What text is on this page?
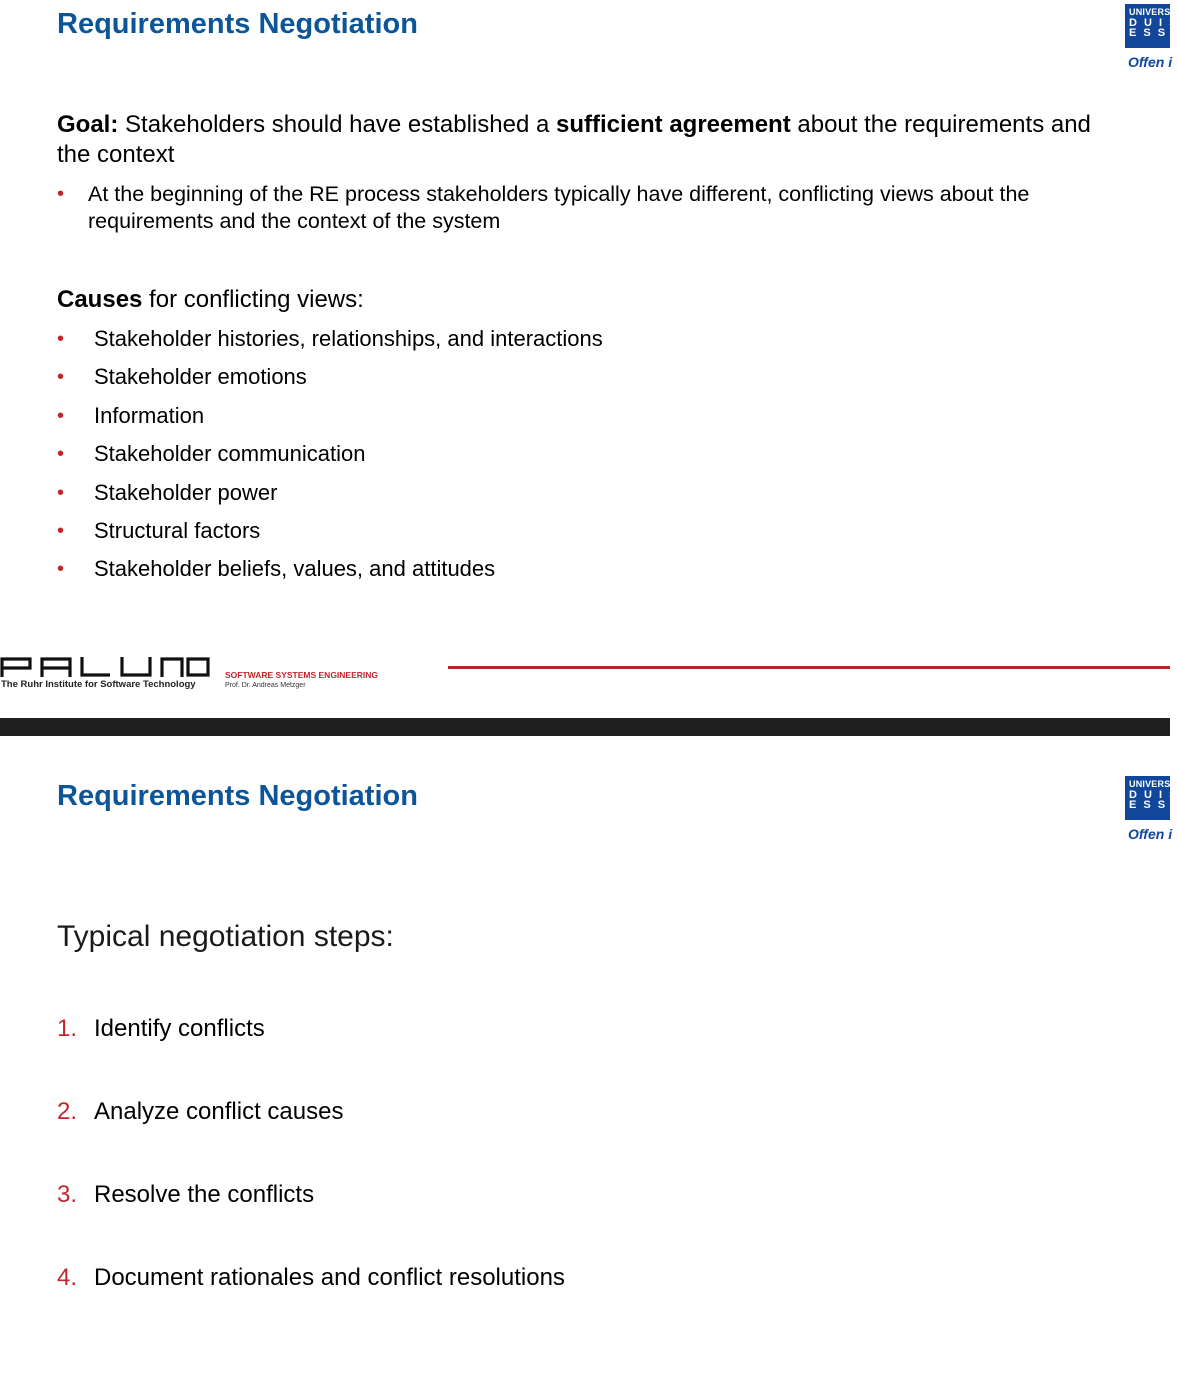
Requirements Negotiation	UNIVERS
D U I S
E S S
Offen i
Goal: Stakeholders should have established a sufficient agreement about the requirements and the context
• At the beginning of the RE process stakeholders typically have different, conflicting views about the requirements and the context of the system
Causes for conflicting views:
• Stakeholder histories, relationships, and interactions
• Stakeholder emotions
• Information
• Stakeholder communication
• Stakeholder power
• Structural factors
• Stakeholder beliefs, values, and attitudes
The Ruhr Institute for Software Technology
SOFTWARE SYSTEMS ENGINEERING
Prof. Dr. Andreas Metzger
Requirements Negotiation	UNIVERS
D U I S
E S S
Offen i
Typical negotiation steps:
1. Identify conflicts
2. Analyze conflict causes
3. Resolve the conflicts
4. Document rationales and conflict resolutions
